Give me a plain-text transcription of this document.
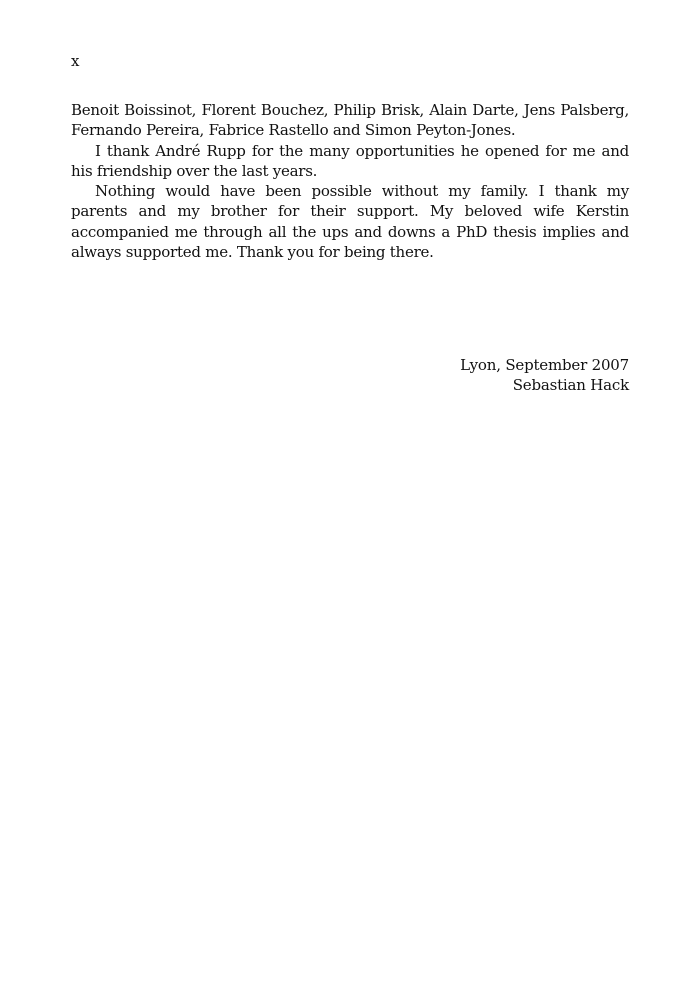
x

Benoit Boissinot, Florent Bouchez, Philip Brisk, Alain Darte, Jens Palsberg, Fernando Pereira, Fabrice Rastello and Simon Peyton-Jones.

I thank André Rupp for the many opportunities he opened for me and his friendship over the last years.

Nothing would have been possible without my family. I thank my parents and my brother for their support. My beloved wife Kerstin accompanied me through all the ups and downs a PhD thesis implies and always supported me. Thank you for being there.

Lyon, September 2007
Sebastian Hack
